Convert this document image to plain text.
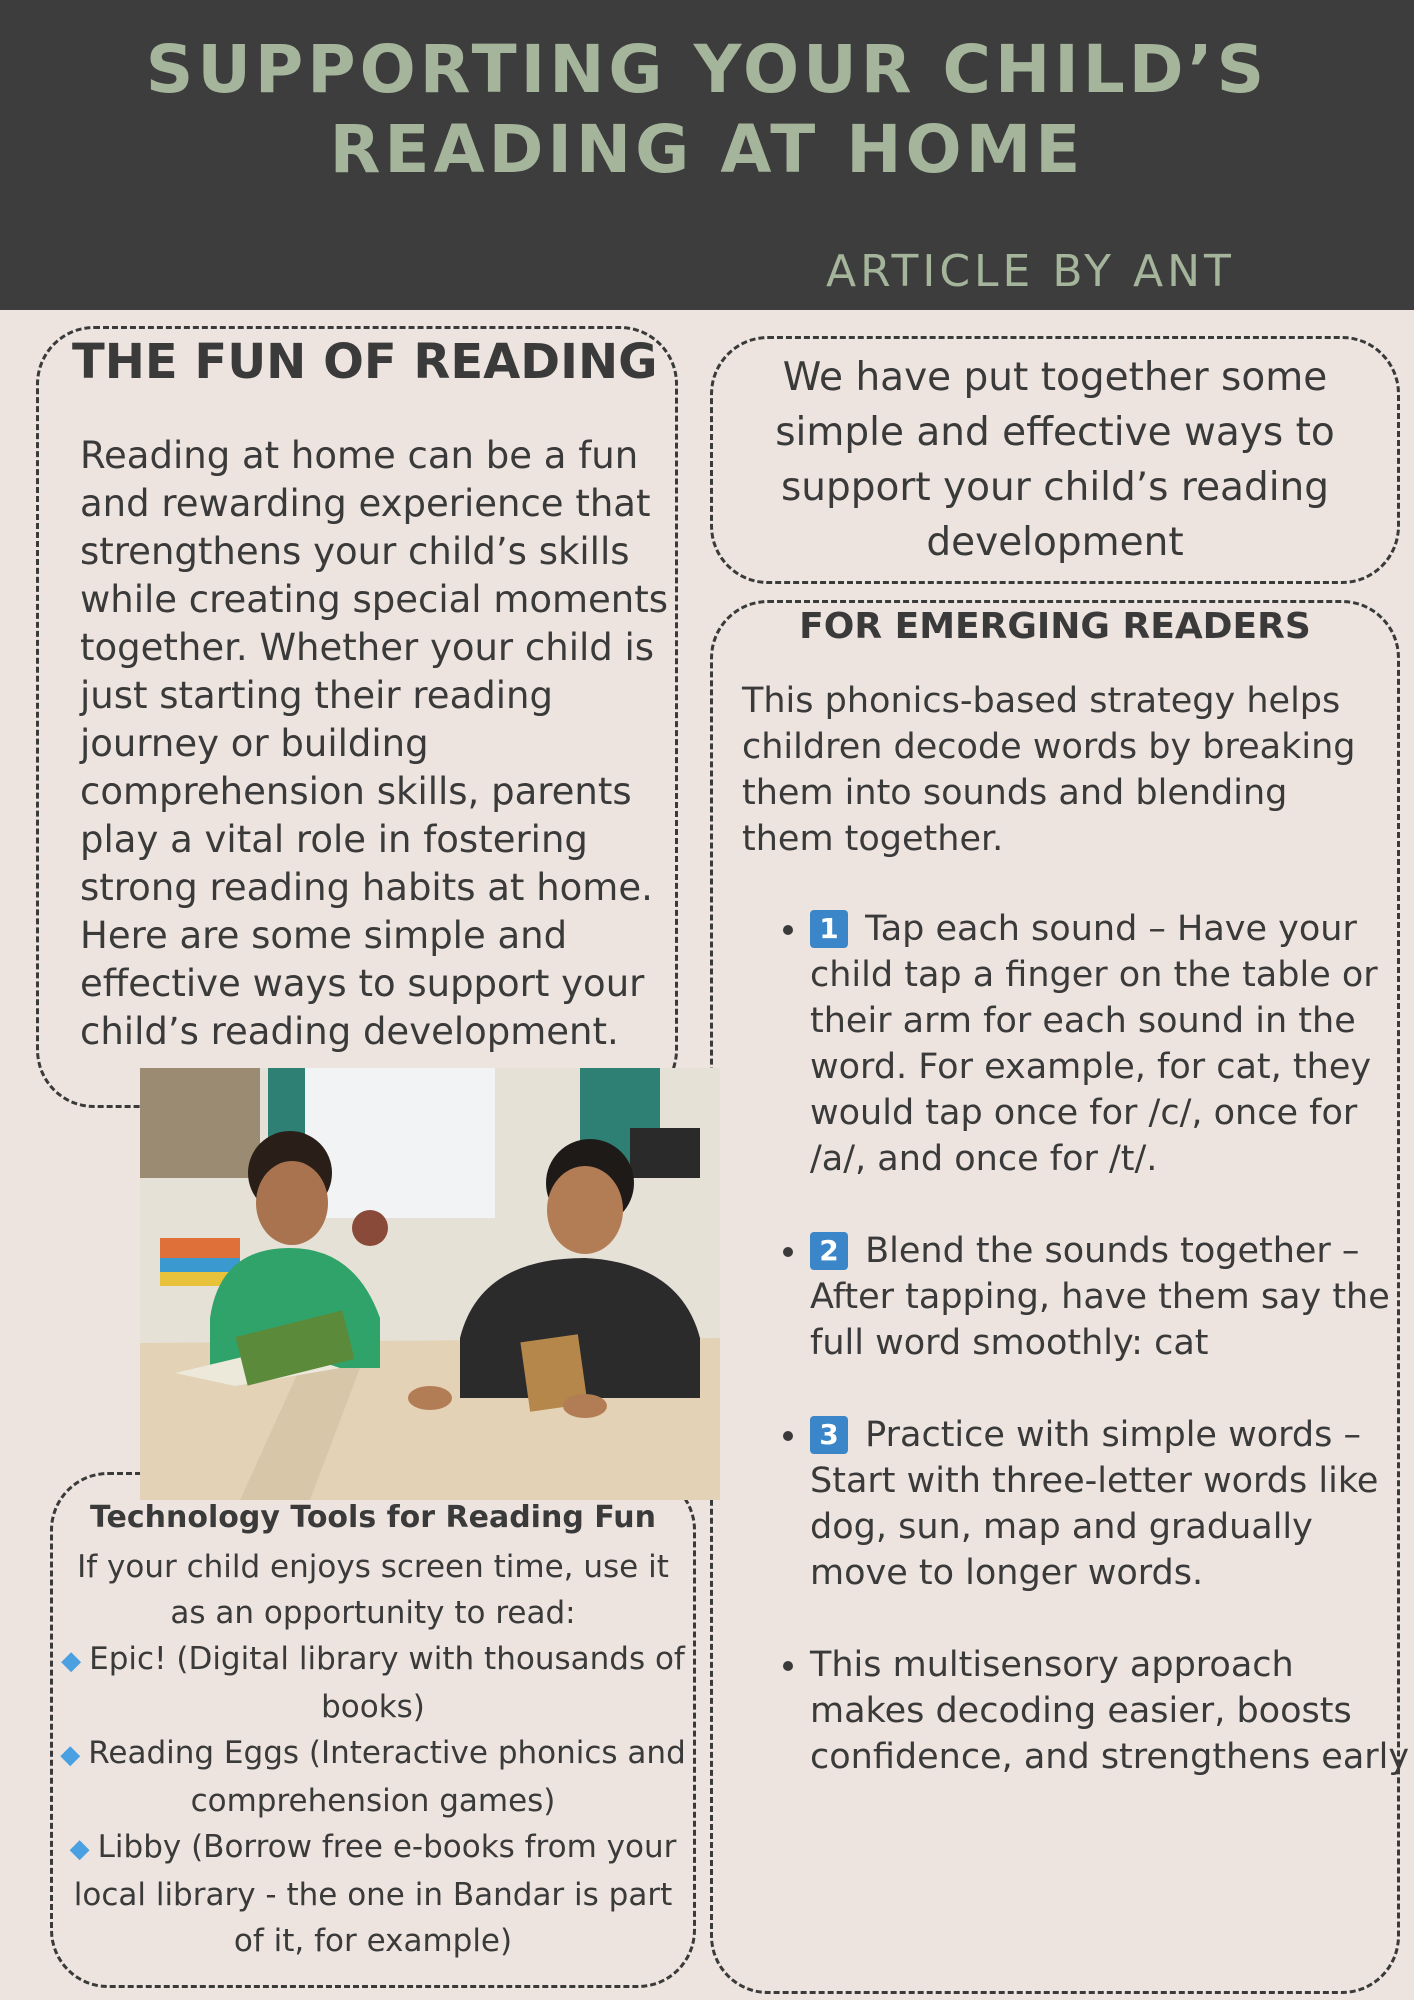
SUPPORTING YOUR CHILD’S
READING AT HOME
ARTICLE BY ANT
THE FUN OF READING
Reading at home can be a fun and rewarding experience that strengthens your child’s skills while creating special moments together. Whether your child is just starting their reading journey or building comprehension skills, parents play a vital role in fostering strong reading habits at home. Here are some simple and effective ways to support your child’s reading development.
We have put together some simple and effective ways to support your child’s reading development
FOR EMERGING READERS
This phonics-based strategy helps children decode words by breaking them into sounds and blending them together.
• 1 Tap each sound – Have your child tap a finger on the table or their arm for each sound in the word. For example, for cat, they would tap once for /c/, once for /a/, and once for /t/.
• 2 Blend the sounds together – After tapping, have them say the full word smoothly: cat
• 3 Practice with simple words – Start with three-letter words like dog, sun, map and gradually move to longer words.
• This multisensory approach makes decoding easier, boosts confidence, and strengthens early
Technology Tools for Reading Fun
If your child enjoys screen time, use it as an opportunity to read:
◆ Epic! (Digital library with thousands of books)
◆ Reading Eggs (Interactive phonics and comprehension games)
◆ Libby (Borrow free e-books from your local library - the one in Bandar is part of it, for example)
